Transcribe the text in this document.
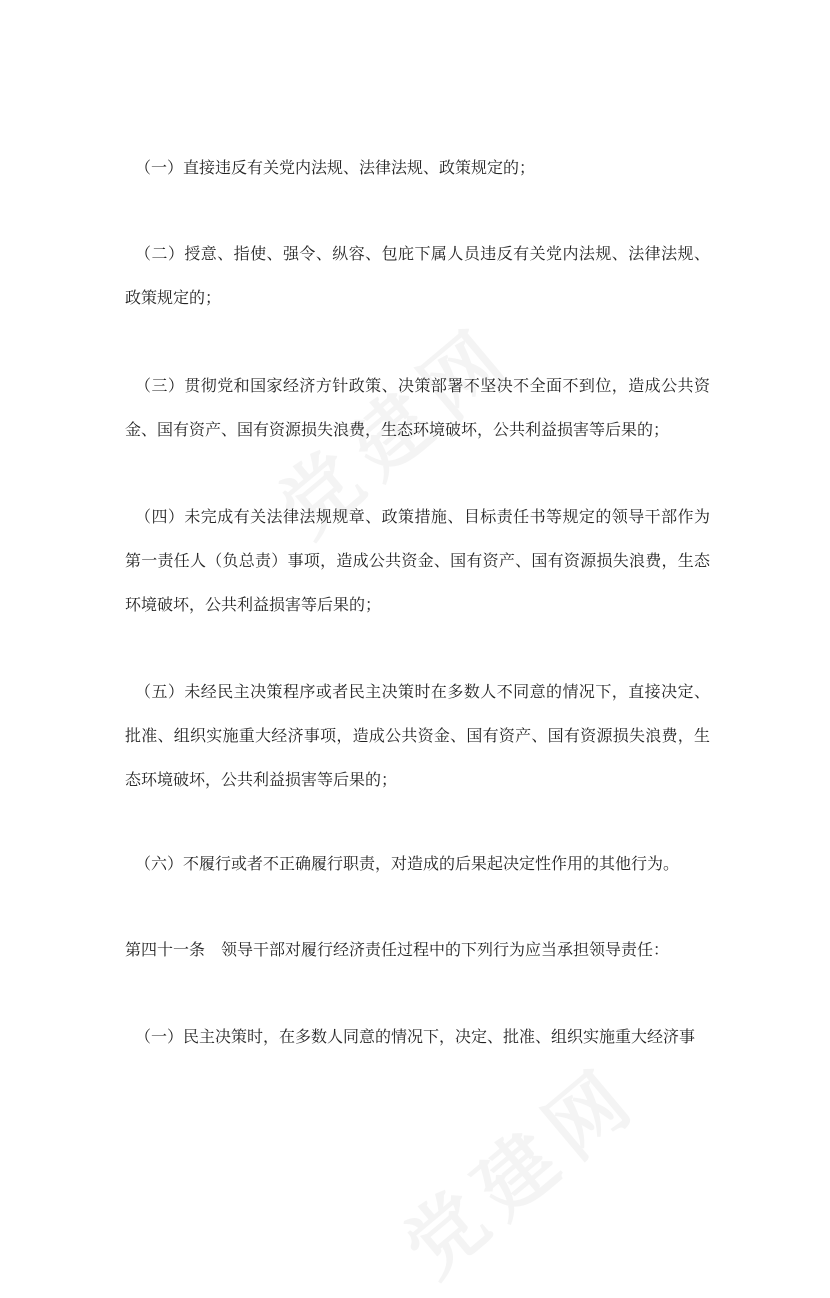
（一）直接违反有关党内法规、法律法规、政策规定的；

（二）授意、指使、强令、纵容、包庇下属人员违反有关党内法规、法律法规、政策规定的；

（三）贯彻党和国家经济方针政策、决策部署不坚决不全面不到位，造成公共资金、国有资产、国有资源损失浪费，生态环境破坏，公共利益损害等后果的；

（四）未完成有关法律法规规章、政策措施、目标责任书等规定的领导干部作为第一责任人（负总责）事项，造成公共资金、国有资产、国有资源损失浪费，生态环境破坏，公共利益损害等后果的；

（五）未经民主决策程序或者民主决策时在多数人不同意的情况下，直接决定、批准、组织实施重大经济事项，造成公共资金、国有资产、国有资源损失浪费，生态环境破坏，公共利益损害等后果的；

（六）不履行或者不正确履行职责，对造成的后果起决定性作用的其他行为。

第四十一条　领导干部对履行经济责任过程中的下列行为应当承担领导责任：

（一）民主决策时，在多数人同意的情况下，决定、批准、组织实施重大经济事
